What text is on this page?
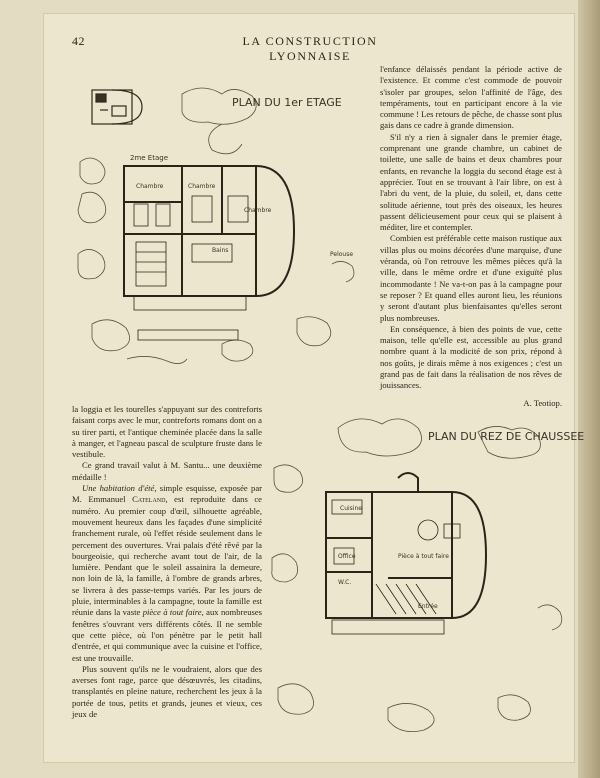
42	LA CONSTRUCTION LYONNAISE
2me Etage
PLAN DU 1er ETAGE
Chambre	Chambre
Chambre
Bains
Pelouse

l'enfance délaissés pendant la période active de l'existence. Et comme c'est commode de pouvoir s'isoler par groupes, selon l'affinité de l'âge, des tempéraments, tout en participant encore à la vie commune ! Les retours de pêche, de chasse sont plus gais dans ce cadre à grande dimension.

S'il n'y a rien à signaler dans le premier étage, comprenant une grande chambre, un cabinet de toilette, une salle de bains et deux chambres pour enfants, en revanche la loggia du second étage est à apprécier. Tout en se trouvant à l'air libre, on est à l'abri du vent, de la pluie, du soleil, et, dans cette solitude aérienne, tout près des oiseaux, les heures passent délicieusement pour ceux qui se plaisent à méditer, lire et contempler.

Combien est préférable cette maison rustique aux villas plus ou moins décorées d'une marquise, d'une véranda, où l'on retrouve les mêmes pièces qu'à la ville, dans le même ordre et d'une exiguïté plus incommodante ! Ne va-t-on pas à la campagne pour se reposer ? Et quand elles auront lieu, les réunions y seront d'autant plus bienfaisantes qu'elles seront plus nombreuses.

En conséquence, à bien des points de vue, cette maison, telle qu'elle est, accessible au plus grand nombre quant à la modicité de son prix, répond à nos goûts, je dirais même à nos exigences ; c'est un grand pas de fait dans la réalisation de nos rêves de jouissances.

A. Teotiop.

la loggia et les tourelles s'appuyant sur des contreforts faisant corps avec le mur, contreforts romans dont on a su tirer parti, et l'antique cheminée placée dans la salle à manger, et l'agneau pascal de sculpture fruste dans le vestibule.

Ce grand travail valut à M. Santu... une deuxième médaille !

Une habitation d'été, simple esquisse, exposée par M. Emmanuel Cateland, est reproduite dans ce numéro. Au premier coup d'œil, silhouette agréable, mouvement heureux dans les façades d'une simplicité franchement rurale, où l'effet réside seulement dans le percement des ouvertures. Vrai palais d'été rêvé par la bourgeoisie, qui recherche avant tout de l'air, de la lumière. Pendant que le soleil assainira la demeure, non loin de là, la famille, à l'ombre de grands arbres, se livrera à des passe-temps variés. Par les jours de pluie, interminables à la campagne, toute la famille est réunie dans la vaste pièce à tout faire, aux nombreuses fenêtres s'ouvrant vers différents côtés. Il ne semble que cette pièce, où l'on pénètre par le petit hall d'entrée, et qui communique avec la cuisine et l'office, est une trouvaille.

Plus souvent qu'ils ne le voudraient, alors que des averses font rage, parce que désœuvrés, les citadins, transplantés en pleine nature, recherchent les jeux à la portée de tous, petits et grands, jeunes et vieux, ces jeux de

PLAN DU REZ DE CHAUSSEE
Cuisine
Office
W.C.
Pièce à tout faire
Entrée
